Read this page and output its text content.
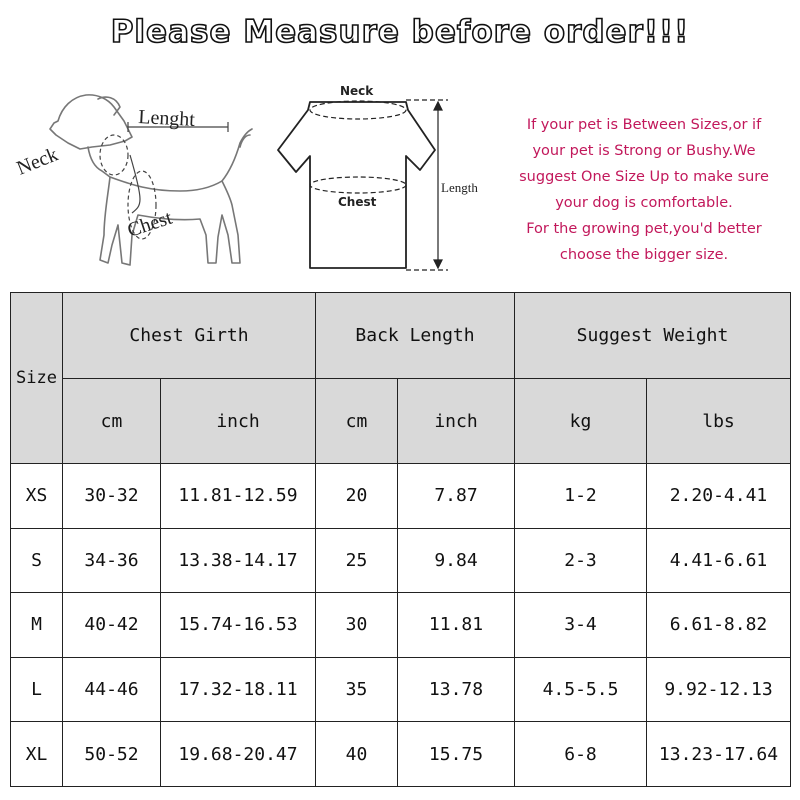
Please Measure before order!!!
Neck
Lenght
Chest
Neck
Chest
Length
If your pet is Between Sizes,or if
your pet is Strong or Bushy.We
suggest One Size Up to make sure
your dog is comfortable.
For the growing pet,you'd better
choose the bigger size.
Size	Chest Girth		Back Length		Suggest Weight	
	cm	inch	cm	inch	kg	lbs
XS	30-32	11.81-12.59	20	7.87	1-2	2.20-4.41
S	34-36	13.38-14.17	25	9.84	2-3	4.41-6.61
M	40-42	15.74-16.53	30	11.81	3-4	6.61-8.82
L	44-46	17.32-18.11	35	13.78	4.5-5.5	9.92-12.13
XL	50-52	19.68-20.47	40	15.75	6-8	13.23-17.64
